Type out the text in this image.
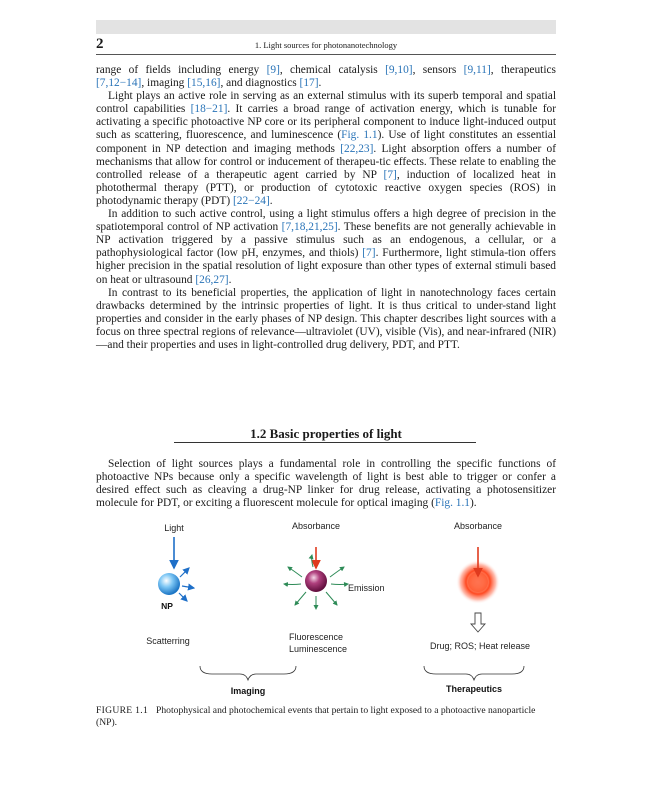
2	1. Light sources for photonanotechnology

range of fields including energy [9], chemical catalysis [9,10], sensors [9,11], therapeutics [7,12−14], imaging [15,16], and diagnostics [17].

Light plays an active role in serving as an external stimulus with its superb temporal and spatial control capabilities [18−21]. It carries a broad range of activation energy, which is tunable for activating a specific photoactive NP core or its peripheral component to induce light-induced output such as scattering, fluorescence, and luminescence (Fig. 1.1). Use of light constitutes an essential component in NP detection and imaging methods [22,23]. Light absorption offers a number of mechanisms that allow for control or inducement of therapeu-tic effects. These relate to enabling the controlled release of a therapeutic agent carried by NP [7], induction of localized heat in photothermal therapy (PTT), or production of cytotoxic reactive oxygen species (ROS) in photodynamic therapy (PDT) [22−24].

In addition to such active control, using a light stimulus offers a high degree of precision in the spatiotemporal control of NP activation [7,18,21,25]. These benefits are not generally achievable in NP activation triggered by a passive stimulus such as an endogenous, a cellular, or a pathophysiological factor (low pH, enzymes, and thiols) [7]. Furthermore, light stimula-tion offers higher precision in the spatial resolution of light exposure than other types of external stimuli based on heat or ultrasound [26,27].

In contrast to its beneficial properties, the application of light in nanotechnology faces certain drawbacks determined by the intrinsic properties of light. It is thus critical to under-stand light properties and consider in the early phases of NP design. This chapter describes light sources with a focus on three spectral regions of relevance—ultraviolet (UV), visible (Vis), and near-infrared (NIR)—and their properties and uses in light-controlled drug delivery, PDT, and PTT.

1.2 Basic properties of light

Selection of light sources plays a fundamental role in controlling the specific functions of photoactive NPs because only a specific wavelength of light is best able to trigger or confer a desired effect such as cleaving a drug-NP linker for drug release, activating a photosensitizer molecule for PDT, or exciting a fluorescent molecule for optical imaging (Fig. 1.1).

Light	Absorbance	Absorbance
NP
Emission
Scatterring	Fluorescence
Luminescence	Drug; ROS; Heat release
Imaging	Therapeutics
FIGURE 1.1 Photophysical and photochemical events that pertain to light exposed to a photoactive nanoparticle (NP).
